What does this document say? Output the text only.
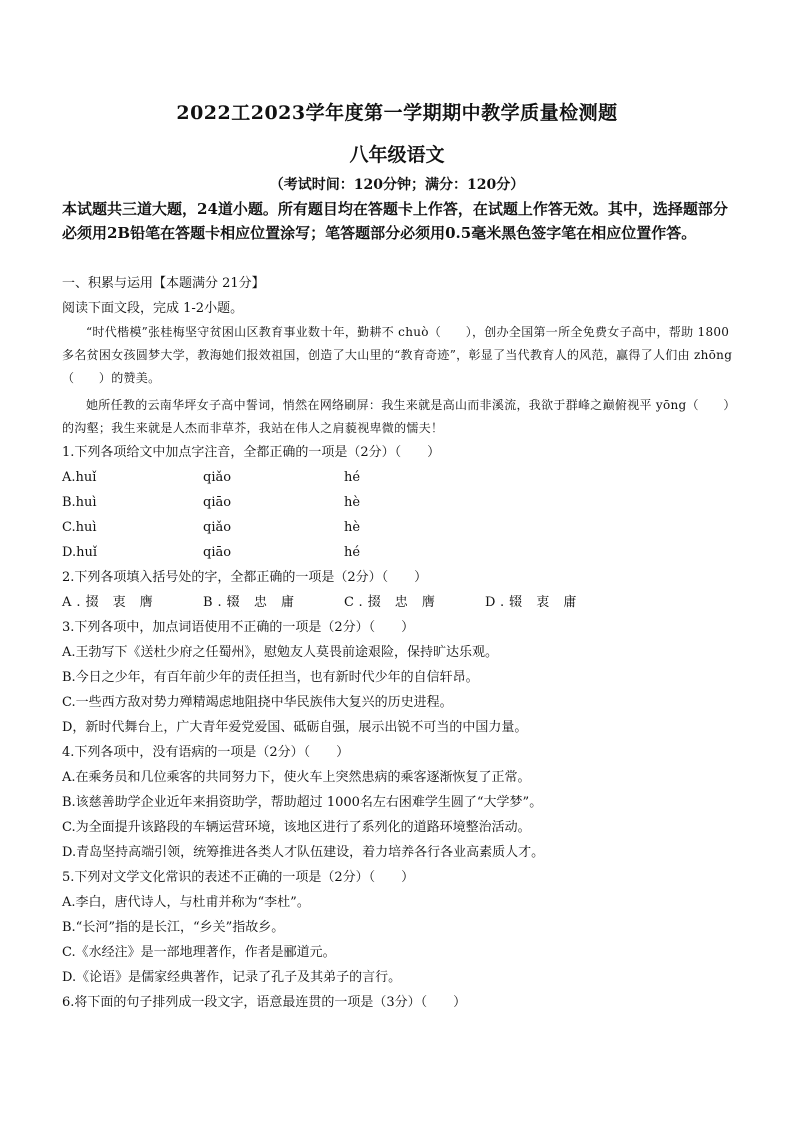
2022工2023学年度第一学期期中教学质量检测题
八年级语文
（考试时间：120分钟；满分：120分）
本试题共三道大题，24道小题。所有题目均在答题卡上作答，在试题上作答无效。其中，选择题部分必须用2B铅笔在答题卡相应位置涂写；笔答题部分必须用0.5毫米黑色签字笔在相应位置作答。
一、积累与运用【本题满分 21分】
阅读下面文段，完成 1-2小题。

“时代楷模”张桂梅坚守贫困山区教育事业数十年，勤耕不 chuò（　　），创办全国第一所全免费女子高中，帮助 1800 多名贫困女孩圆梦大学，教海她们报效祖国，创造了大山里的“教育奇迹”，彰显了当代教育人的风范，赢得了人们由 zhōng（　　）的赞美。

她所任教的云南华坪女子高中誓词，悄然在网络刷屏：我生来就是高山而非溪流，我欲于群峰之巅俯视平 yōng（　　）的沟壑；我生来就是人杰而非草芥，我站在伟人之肩藐视卑微的懦夫！

1.下列各项给文中加点字注音，全都正确的一项是（2分）（　　）
A.huǐ	qiǎo	hé
B.huì	qiāo	hè
C.huì	qiǎo	hè
D.huǐ	qiāo	hé
2.下列各项填入括号处的字，全都正确的一项是（2分）（　　）
A.掇 衷 膺	B.辍 忠 庸	C.掇 忠 膺	D.辍 衷 庸
3.下列各项中，加点词语使用不正确的一项是（2分）（　　）
A.王勃写下《送杜少府之任蜀州》，慰勉友人莫畏前途艰险，保持旷达乐观。
B.今日之少年，有百年前少年的责任担当，也有新时代少年的自信轩昂。
C.一些西方敌对势力殚精竭虑地阻挠中华民族伟大复兴的历史进程。
D，新时代舞台上，广大青年爱党爱国、砥砺自强，展示出锐不可当的中国力量。
4.下列各项中，没有语病的一项是（2分）（　　）
A.在乘务员和几位乘客的共同努力下，使火车上突然患病的乘客逐渐恢复了正常。
B.该慈善助学企业近年来捐资助学，帮助超过 1000名左右困难学生圆了“大学梦”。
C.为全面提升该路段的车辆运营环境，该地区进行了系列化的道路环境整治活动。
D.青岛坚持高端引领，统筹推进各类人才队伍建设，着力培养各行各业高素质人才。
5.下列对文学文化常识的表述不正确的一项是（2分）（　　）
A.李白，唐代诗人，与杜甫并称为“李杜”。
B.“长河”指的是长江，“乡关”指故乡。
C.《水经注》是一部地理著作，作者是郦道元。
D.《论语》是儒家经典著作，记录了孔子及其弟子的言行。
6.将下面的句子排列成一段文字，语意最连贯的一项是（3分）（　　）
